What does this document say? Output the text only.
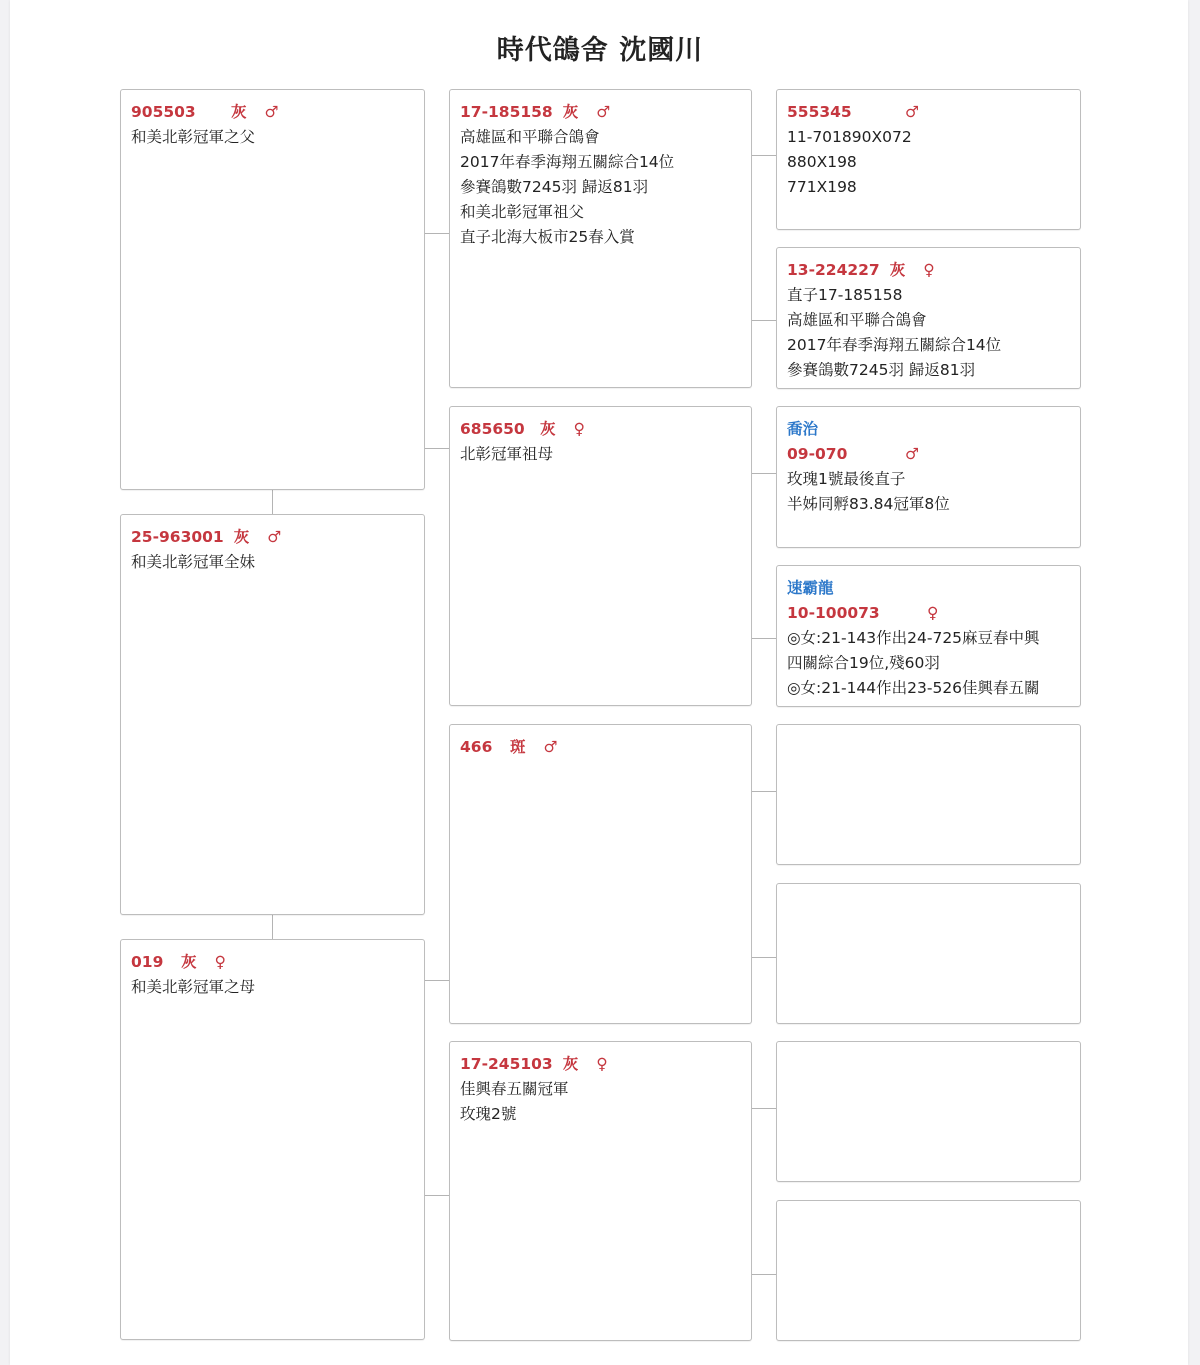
時代鴿舍 沈國川
905503 灰 ♂
和美北彰冠軍之父
25-963001 灰 ♂
和美北彰冠軍全妹
019 灰 ♀
和美北彰冠軍之母
17-185158 灰 ♂
高雄區和平聯合鴿會
2017年春季海翔五關綜合14位
參賽鴿數7245羽 歸返81羽
和美北彰冠軍祖父
直子北海大板市25春入賞
685650 灰 ♀
北彰冠軍祖母
466 斑 ♂
17-245103 灰 ♀
佳興春五關冠軍
玫瑰2號
555345	♂
11-701890X072
880X198
771X198
13-224227 灰 ♀
直子17-185158
高雄區和平聯合鴿會
2017年春季海翔五關綜合14位
參賽鴿數7245羽 歸返81羽
喬治
09-070	♂
玫瑰1號最後直子
半姊同孵83.84冠軍8位
速霸龍
10-100073	♀
◎女:21-143作出24-725麻豆春中興
四關綜合19位,殘60羽
◎女:21-144作出23-526佳興春五關
